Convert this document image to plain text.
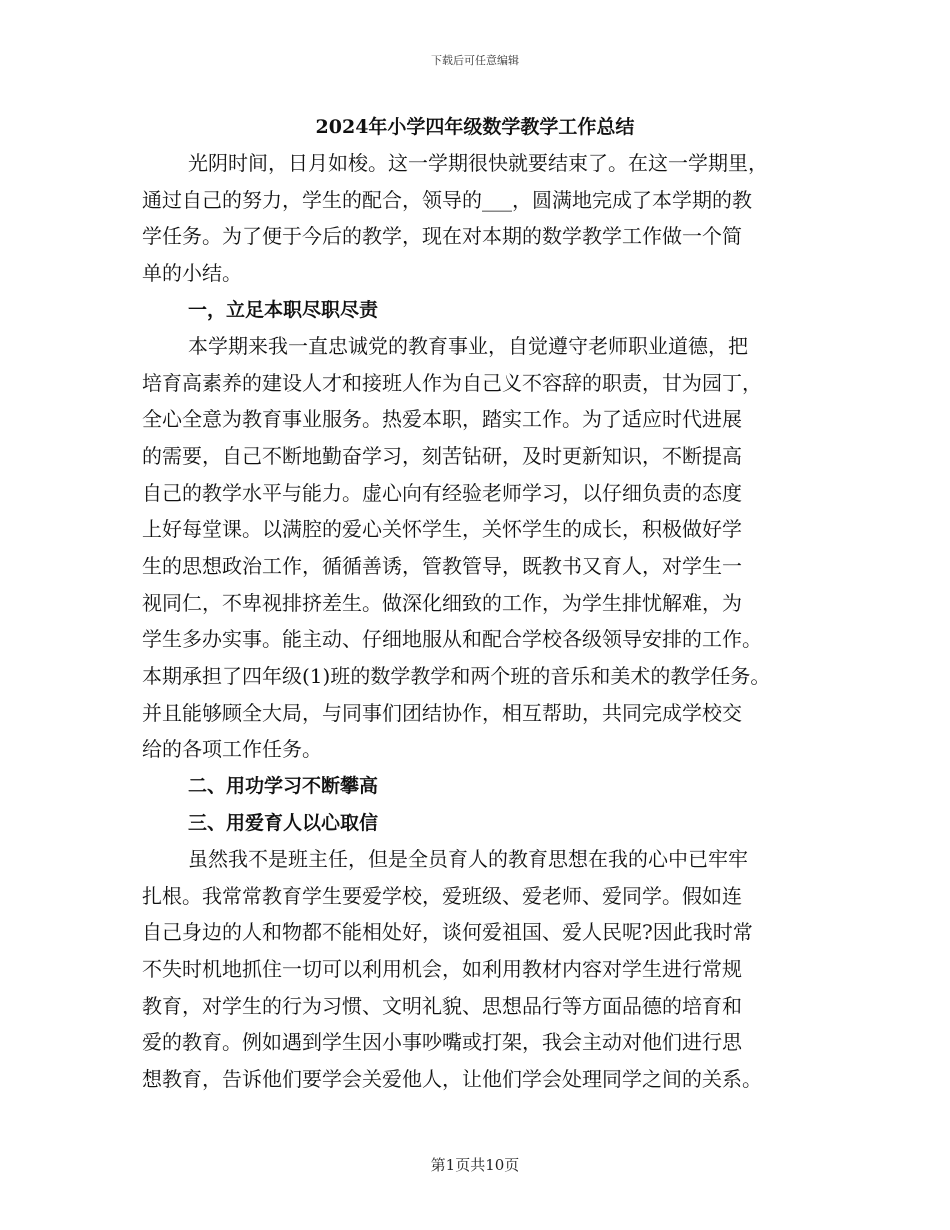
下载后可任意编辑
2024年小学四年级数学教学工作总结
光阴时间，日月如梭。这一学期很快就要结束了。在这一学期里，
通过自己的努力，学生的配合，领导的___，圆满地完成了本学期的教
学任务。为了便于今后的教学，现在对本期的数学教学工作做一个简
单的小结。
一，立足本职尽职尽责
本学期来我一直忠诚党的教育事业，自觉遵守老师职业道德，把
培育高素养的建设人才和接班人作为自己义不容辞的职责，甘为园丁，
全心全意为教育事业服务。热爱本职，踏实工作。为了适应时代进展
的需要，自己不断地勤奋学习，刻苦钻研，及时更新知识，不断提高
自己的教学水平与能力。虚心向有经验老师学习，以仔细负责的态度
上好每堂课。以满腔的爱心关怀学生，关怀学生的成长，积极做好学
生的思想政治工作，循循善诱，管教管导，既教书又育人，对学生一
视同仁，不卑视排挤差生。做深化细致的工作，为学生排忧解难，为
学生多办实事。能主动、仔细地服从和配合学校各级领导安排的工作。
本期承担了四年级(1)班的数学教学和两个班的音乐和美术的教学任务。
并且能够顾全大局，与同事们团结协作，相互帮助，共同完成学校交
给的各项工作任务。
二、用功学习不断攀高
三、用爱育人以心取信
虽然我不是班主任，但是全员育人的教育思想在我的心中已牢牢
扎根。我常常教育学生要爱学校，爱班级、爱老师、爱同学。假如连
自己身边的人和物都不能相处好，谈何爱祖国、爱人民呢?因此我时常
不失时机地抓住一切可以利用机会，如利用教材内容对学生进行常规
教育，对学生的行为习惯、文明礼貌、思想品行等方面品德的培育和
爱的教育。例如遇到学生因小事吵嘴或打架，我会主动对他们进行思
想教育，告诉他们要学会关爱他人，让他们学会处理同学之间的关系。
第1页共10页
